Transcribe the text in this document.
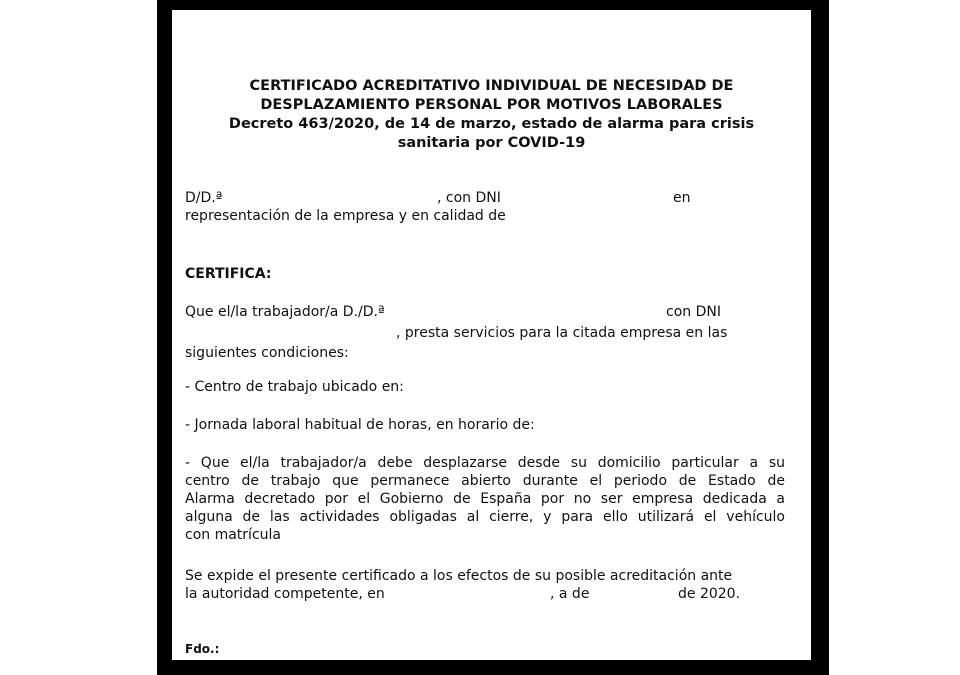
CERTIFICADO ACREDITATIVO INDIVIDUAL DE NECESIDAD DE
DESPLAZAMIENTO PERSONAL POR MOTIVOS LABORALES
Decreto 463/2020, de 14 de marzo, estado de alarma para crisis
sanitaria por COVID-19
D/D.ª	, con DNI	en
representación de la empresa y en calidad de
CERTIFICA:
Que el/la trabajador/a D./D.ª	con DNI
, presta servicios para la citada empresa en las
siguientes condiciones:
- Centro de trabajo ubicado en:
- Jornada laboral habitual de horas, en horario de:
- Que el/la trabajador/a debe desplazarse desde su domicilio particular a su
centro de trabajo que permanece abierto durante el periodo de Estado de
Alarma decretado por el Gobierno de España por no ser empresa dedicada a
alguna de las actividades obligadas al cierre, y para ello utilizará el vehículo
con matrícula
Se expide el presente certificado a los efectos de su posible acreditación ante
la autoridad competente, en	, a de	de 2020.
Fdo.:
